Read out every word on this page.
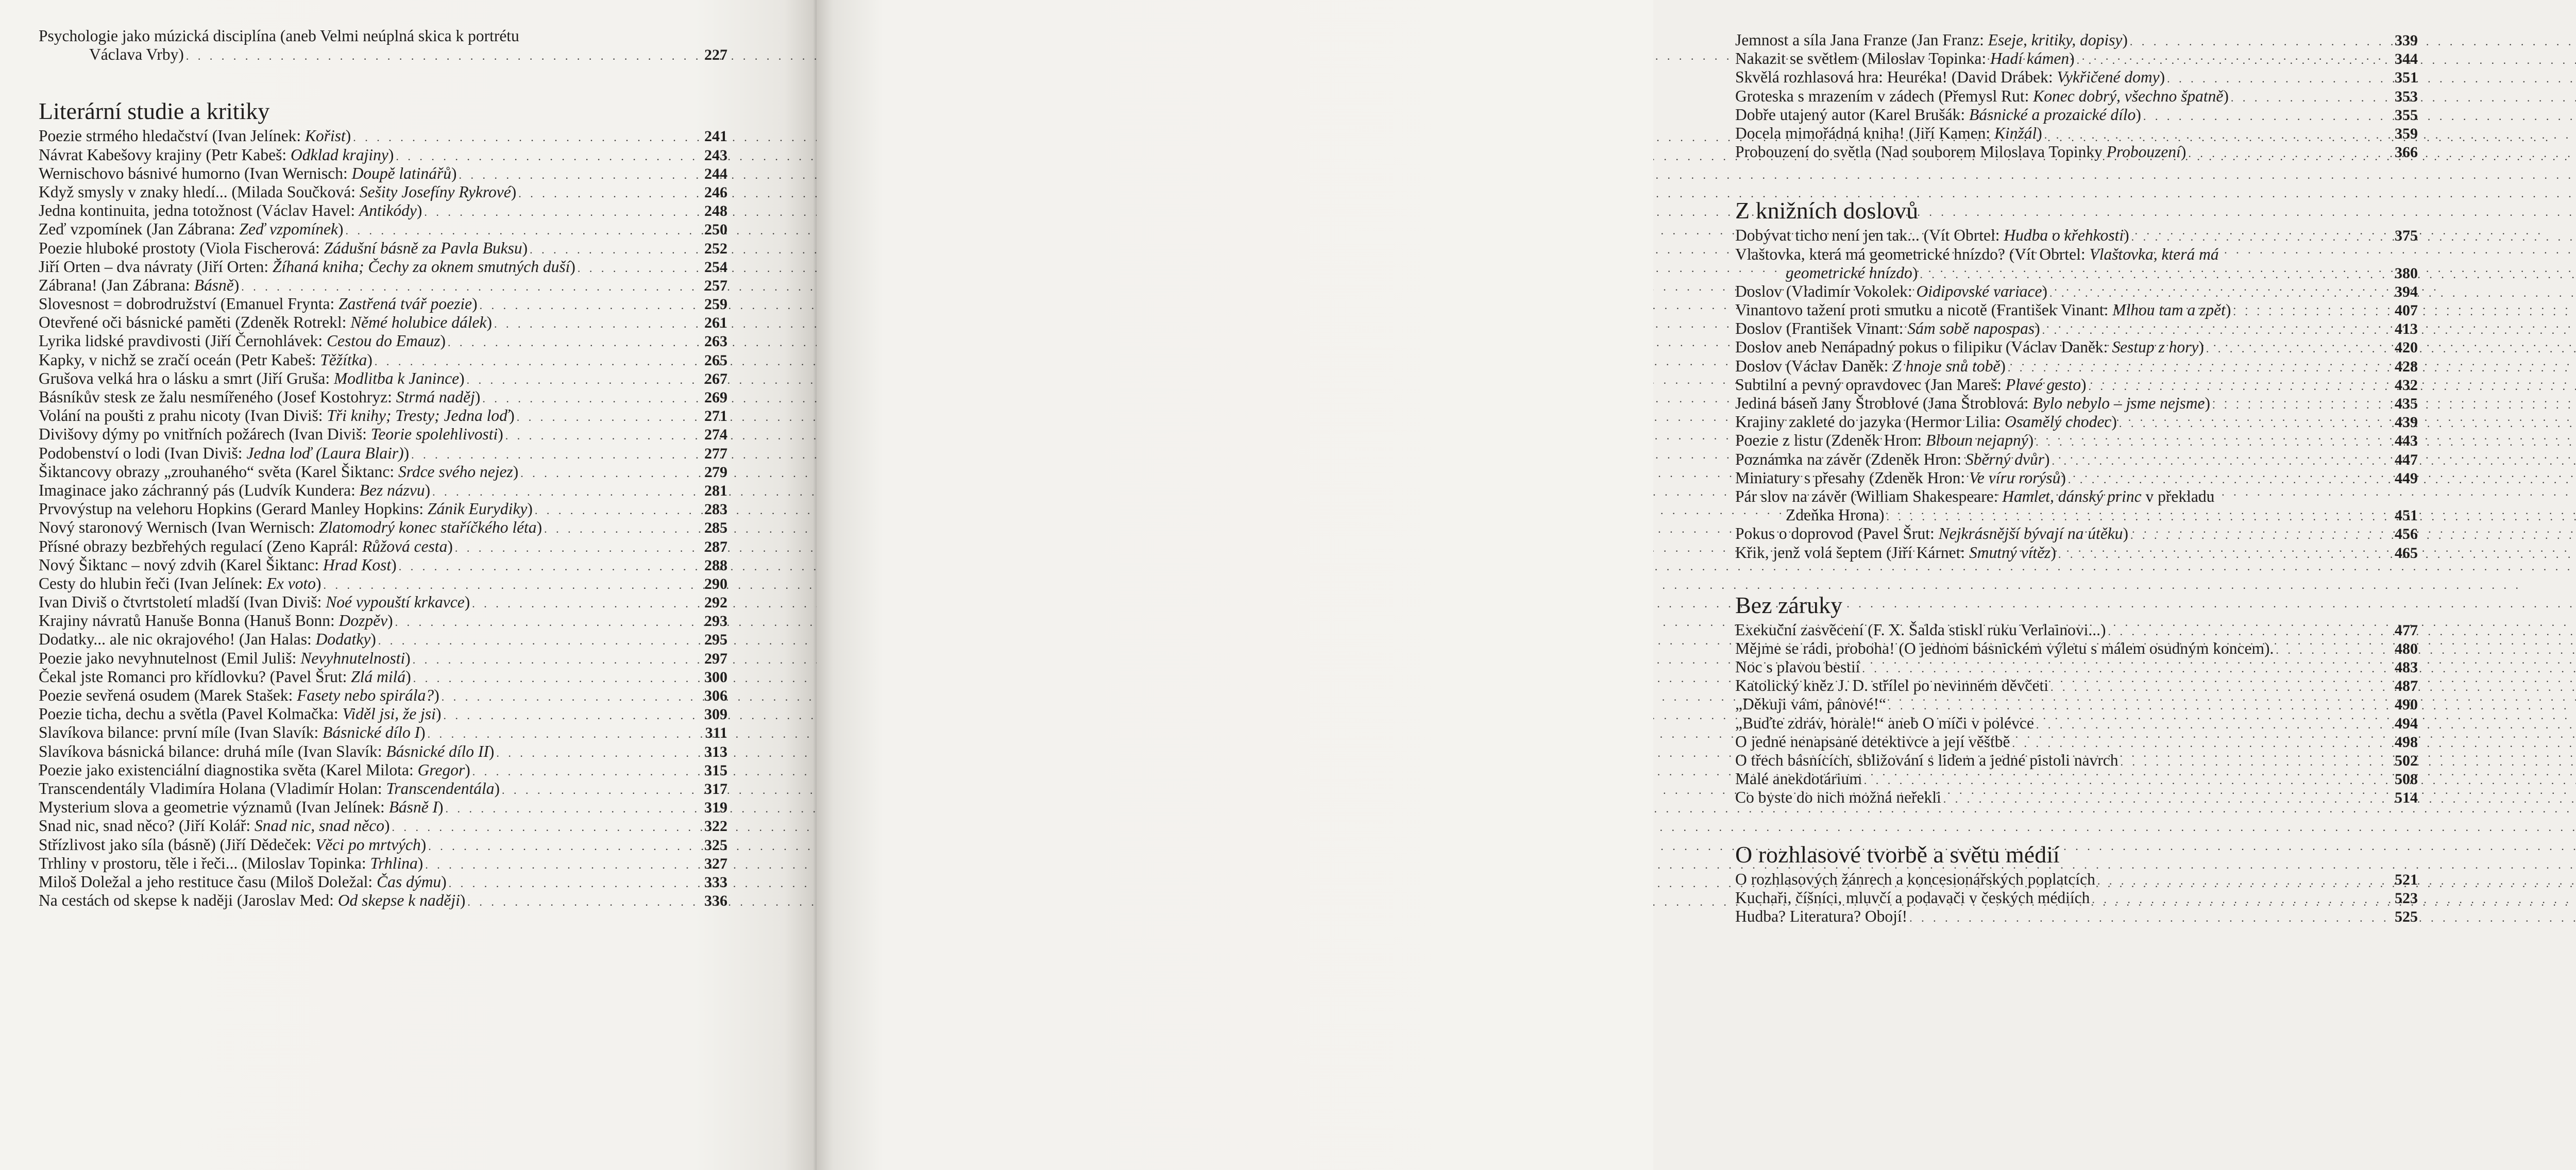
Psychologie jako múzická disciplína (aneb Velmi neúplná skica k portrétu
Václava Vrby) . . .	227
Literární studie a kritiky
Poezie strmého hledačství (Ivan Jelínek: Kořist) . . .	241
Návrat Kabešovy krajiny (Petr Kabeš: Odklad krajiny) . . .	243
Wernischovo básnivé humorno (Ivan Wernisch: Doupě latinářů) . . .	244
Když smysly v znaky hledí... (Milada Součková: Sešity Josefíny Rykrové) . . .	246
Jedna kontinuita, jedna totožnost (Václav Havel: Antikódy) . . .	248
Zeď vzpomínek (Jan Zábrana: Zeď vzpomínek) . . .	250
Poezie hluboké prostoty (Viola Fischerová: Zádušní básně za Pavla Buksu) . . .	252
Jiří Orten – dva návraty (Jiří Orten: Žíhaná kniha; Čechy za oknem smutných duší) . . .	254
Zábrana! (Jan Zábrana: Básně) . . .	257
Slovesnost = dobrodružství (Emanuel Frynta: Zastřená tvář poezie) . . .	259
Otevřené oči básnické paměti (Zdeněk Rotrekl: Němé holubice dálek) . . .	261
Lyrika lidské pravdivosti (Jiří Černohlávek: Cestou do Emauz) . . .	263
Kapky, v nichž se zračí oceán (Petr Kabeš: Těžítka) . . .	265
Grušova velká hra o lásku a smrt (Jiří Gruša: Modlitba k Janince) . . .	267
Básníkův stesk ze žalu nesmířeného (Josef Kostohryz: Strmá naděj) . . .	269
Volání na poušti z prahu nicoty (Ivan Diviš: Tři knihy; Tresty; Jedna loď) . . .	271
Divišovy dýmy po vnitřních požárech (Ivan Diviš: Teorie spolehlivosti) . . .	274
Podobenství o lodi (Ivan Diviš: Jedna loď (Laura Blair)) . . .	277
Šiktancovy obrazy „zrouhaného“ světa (Karel Šiktanc: Srdce svého nejez) . . .	279
Imaginace jako záchranný pás (Ludvík Kundera: Bez názvu) . . .	281
Prvovýstup na velehoru Hopkins (Gerard Manley Hopkins: Zánik Eurydiky) . . .	283
Nový staronový Wernisch (Ivan Wernisch: Zlatomodrý konec staříčkého léta) . . .	285
Přísné obrazy bezbřehých regulací (Zeno Kaprál: Růžová cesta) . . .	287
Nový Šiktanc – nový zdvih (Karel Šiktanc: Hrad Kost) . . .	288
Cesty do hlubin řeči (Ivan Jelínek: Ex voto) . . .	290
Ivan Diviš o čtvrtstoletí mladší (Ivan Diviš: Noé vypouští krkavce) . . .	292
Krajiny návratů Hanuše Bonna (Hanuš Bonn: Dozpěv) . . .	293
Dodatky... ale nic okrajového! (Jan Halas: Dodatky) . . .	295
Poezie jako nevyhnutelnost (Emil Juliš: Nevyhnutelnosti) . . .	297
Čekal jste Romanci pro křídlovku? (Pavel Šrut: Zlá milá) . . .	300
Poezie sevřená osudem (Marek Stašek: Fasety nebo spirála?) . . .	306
Poezie ticha, dechu a světla (Pavel Kolmačka: Viděl jsi, že jsi) . . .	309
Slavíkova bilance: první míle (Ivan Slavík: Básnické dílo I) . . .	311
Slavíkova básnická bilance: druhá míle (Ivan Slavík: Básnické dílo II) . . .	313
Poezie jako existenciální diagnostika světa (Karel Milota: Gregor) . . .	315
Transcendentály Vladimíra Holana (Vladimír Holan: Transcendentála) . . .	317
Mysterium slova a geometrie významů (Ivan Jelínek: Básně I) . . .	319
Snad nic, snad něco? (Jiří Kolář: Snad nic, snad něco) . . .	322
Střízlivost jako síla (básně) (Jiří Dědeček: Věci po mrtvých) . . .	325
Trhliny v prostoru, těle i řeči... (Miloslav Topinka: Trhlina) . . .	327
Miloš Doležal a jeho restituce času (Miloš Doležal: Čas dýmu) . . .	333
Na cestách od skepse k naději (Jaroslav Med: Od skepse k naději) . . .	336
Jemnost a síla Jana Franze (Jan Franz: Eseje, kritiky, dopisy) . . .	339
Nakazit se světlem (Miloslav Topinka: Hadí kámen) . . .	344
Skvělá rozhlasová hra: Heuréka! (David Drábek: Vykřičené domy) . . .	351
Groteska s mrazením v zádech (Přemysl Rut: Konec dobrý, všechno špatně) . . .	353
Dobře utajený autor (Karel Brušák: Básnické a prozaické dílo) . . .	355
Docela mimořádná kniha! (Jiří Kamen: Kinžál) . . .	359
Probouzení do světla (Nad souborem Miloslava Topinky Probouzení) . . .	366
Z knižních doslovů
Dobývat ticho není jen tak... (Vít Obrtel: Hudba o křehkosti) . . .	375
Vlaštovka, která má geometrické hnízdo? (Vít Obrtel: Vlaštovka, která má
geometrické hnízdo) . . .	380
Doslov (Vladimír Vokolek: Oidipovské variace) . . .	394
Vinantovo tažení proti smutku a nicotě (František Vinant: Mlhou tam a zpět) . . .	407
Doslov (František Vinant: Sám sobě napospas) . . .	413
Doslov aneb Nenápadný pokus o filipiku (Václav Daněk: Sestup z hory) . . .	420
Doslov (Václav Daněk: Z hnoje snů tobě) . . .	428
Subtilní a pevný opravdovec (Jan Mareš: Plavé gesto) . . .	432
Jediná báseň Jany Štroblové (Jana Štroblová: Bylo nebylo – jsme nejsme) . . .	435
Krajiny zakleté do jazyka (Hermor Lilia: Osamělý chodec) . . .	439
Poezie z listu (Zdeněk Hron: Blboun nejapný) . . .	443
Poznámka na závěr (Zdeněk Hron: Sběrný dvůr) . . .	447
Miniatury s přesahy (Zdeněk Hron: Ve víru rorýsů) . . .	449
Pár slov na závěr (William Shakespeare: Hamlet, dánský princ v překladu
Zdeňka Hrona) . . .	451
Pokus o doprovod (Pavel Šrut: Nejkrásnější bývají na útěku) . . .	456
Křik, jenž volá šeptem (Jiří Kárnet: Smutný vítěz) . . .	465
Bez záruky
Exekuční zasvěcení (F. X. Šalda stiskl ruku Verlainovi...) . . .	477
Mějme se rádi, proboha! (O jednom básnickém výletu s málem osudným koncem). . . .	480
Noc s plavou bestií . . .	483
Katolický kněz J. D. střílel po nevinném děvčeti . . .	487
„Děkuji vám, pánové!“ . . .	490
„Buďte zdráv, horale!“ aneb O míči v polévce . . .	494
O jedné nenapsané detektivce a její věštbě . . .	498
O třech básnících, sbližování s lidem a jedné pistoli navrch . . .	502
Malé anekdotárium . . .	508
Co byste do nich možná neřekli . . .	514
O rozhlasové tvorbě a světu médií
O rozhlasových žánrech a koncesionářských poplatcích . . .	521
Kuchaři, číšníci, mluvčí a podavači v českých médiích . . .	523
Hudba? Literatura? Obojí! . . .	525
